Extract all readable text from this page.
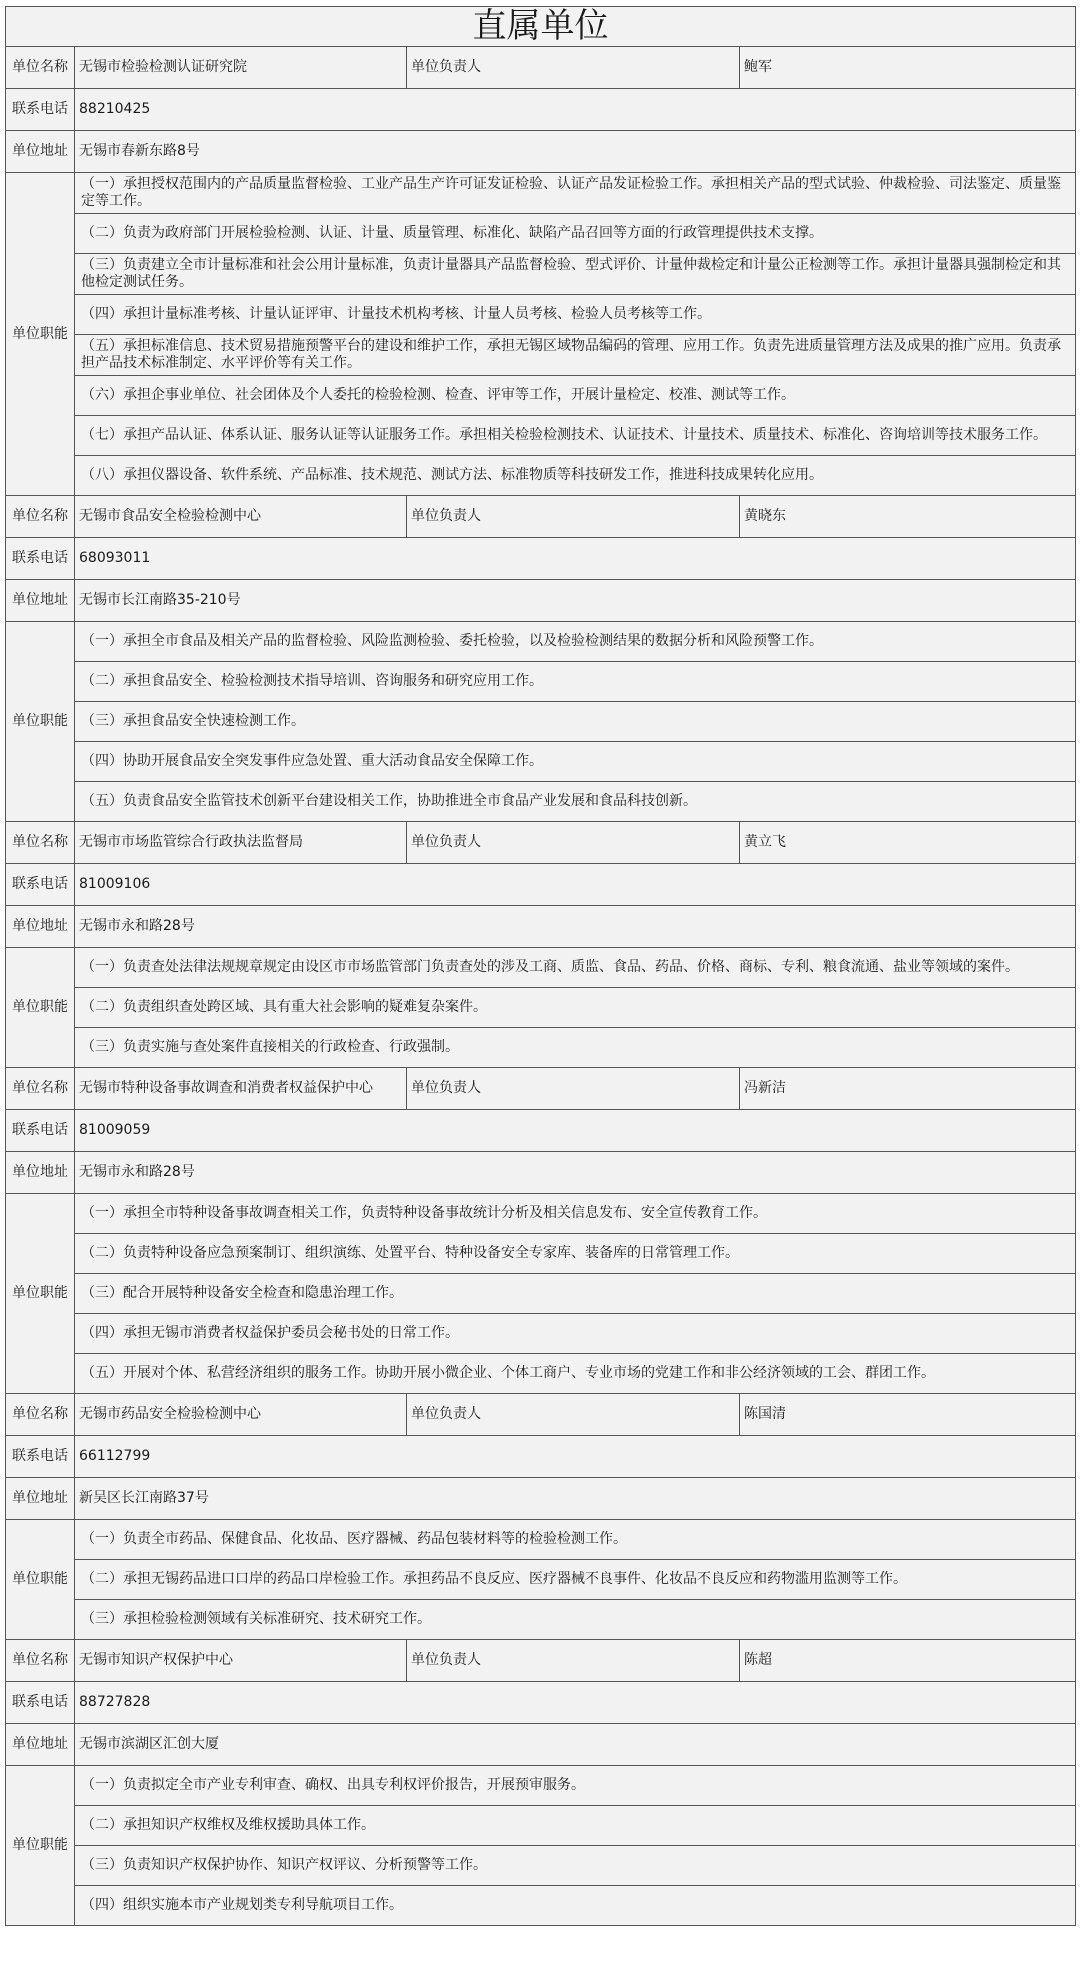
直属单位			
单位名称	无锡市检验检测认证研究院	单位负责人	鲍军
联系电话	88210425		
单位地址	无锡市春新东路8号		
单位职能	（一）承担授权范围内的产品质量监督检验、工业产品生产许可证发证检验、认证产品发证检验工作。承担相关产品的型式试验、仲裁检验、司法鉴定、质量鉴定等工作。		
	（二）负责为政府部门开展检验检测、认证、计量、质量管理、标准化、缺陷产品召回等方面的行政管理提供技术支撑。		
	（三）负责建立全市计量标准和社会公用计量标准，负责计量器具产品监督检验、型式评价、计量仲裁检定和计量公正检测等工作。承担计量器具强制检定和其他检定测试任务。		
	（四）承担计量标准考核、计量认证评审、计量技术机构考核、计量人员考核、检验人员考核等工作。		
	（五）承担标准信息、技术贸易措施预警平台的建设和维护工作，承担无锡区域物品编码的管理、应用工作。负责先进质量管理方法及成果的推广应用。负责承担产品技术标准制定、水平评价等有关工作。		
	（六）承担企事业单位、社会团体及个人委托的检验检测、检查、评审等工作，开展计量检定、校准、测试等工作。		
	（七）承担产品认证、体系认证、服务认证等认证服务工作。承担相关检验检测技术、认证技术、计量技术、质量技术、标准化、咨询培训等技术服务工作。		
	（八）承担仪器设备、软件系统、产品标准、技术规范、测试方法、标准物质等科技研发工作，推进科技成果转化应用。		
单位名称	无锡市食品安全检验检测中心	单位负责人	黄晓东
联系电话	68093011		
单位地址	无锡市长江南路35-210号		
单位职能	（一）承担全市食品及相关产品的监督检验、风险监测检验、委托检验，以及检验检测结果的数据分析和风险预警工作。		
	（二）承担食品安全、检验检测技术指导培训、咨询服务和研究应用工作。		
	（三）承担食品安全快速检测工作。		
	（四）协助开展食品安全突发事件应急处置、重大活动食品安全保障工作。		
	（五）负责食品安全监管技术创新平台建设相关工作，协助推进全市食品产业发展和食品科技创新。		
单位名称	无锡市市场监管综合行政执法监督局	单位负责人	黄立飞
联系电话	81009106		
单位地址	无锡市永和路28号		
单位职能	（一）负责查处法律法规规章规定由设区市市场监管部门负责查处的涉及工商、质监、食品、药品、价格、商标、专利、粮食流通、盐业等领域的案件。		
	（二）负责组织查处跨区域、具有重大社会影响的疑难复杂案件。		
	（三）负责实施与查处案件直接相关的行政检查、行政强制。		
单位名称	无锡市特种设备事故调查和消费者权益保护中心	单位负责人	冯新洁
联系电话	81009059		
单位地址	无锡市永和路28号		
单位职能	（一）承担全市特种设备事故调查相关工作，负责特种设备事故统计分析及相关信息发布、安全宣传教育工作。		
	（二）负责特种设备应急预案制订、组织演练、处置平台、特种设备安全专家库、装备库的日常管理工作。		
	（三）配合开展特种设备安全检查和隐患治理工作。		
	（四）承担无锡市消费者权益保护委员会秘书处的日常工作。		
	（五）开展对个体、私营经济组织的服务工作。协助开展小微企业、个体工商户、专业市场的党建工作和非公经济领域的工会、群团工作。		
单位名称	无锡市药品安全检验检测中心	单位负责人	陈国清
联系电话	66112799		
单位地址	新吴区长江南路37号		
单位职能	（一）负责全市药品、保健食品、化妆品、医疗器械、药品包装材料等的检验检测工作。		
	（二）承担无锡药品进口口岸的药品口岸检验工作。承担药品不良反应、医疗器械不良事件、化妆品不良反应和药物滥用监测等工作。		
	（三）承担检验检测领域有关标准研究、技术研究工作。		
单位名称	无锡市知识产权保护中心	单位负责人	陈超
联系电话	88727828		
单位地址	无锡市滨湖区汇创大厦		
单位职能	（一）负责拟定全市产业专利审查、确权、出具专利权评价报告，开展预审服务。		
	（二）承担知识产权维权及维权援助具体工作。		
	（三）负责知识产权保护协作、知识产权评议、分析预警等工作。		
	（四）组织实施本市产业规划类专利导航项目工作。		
